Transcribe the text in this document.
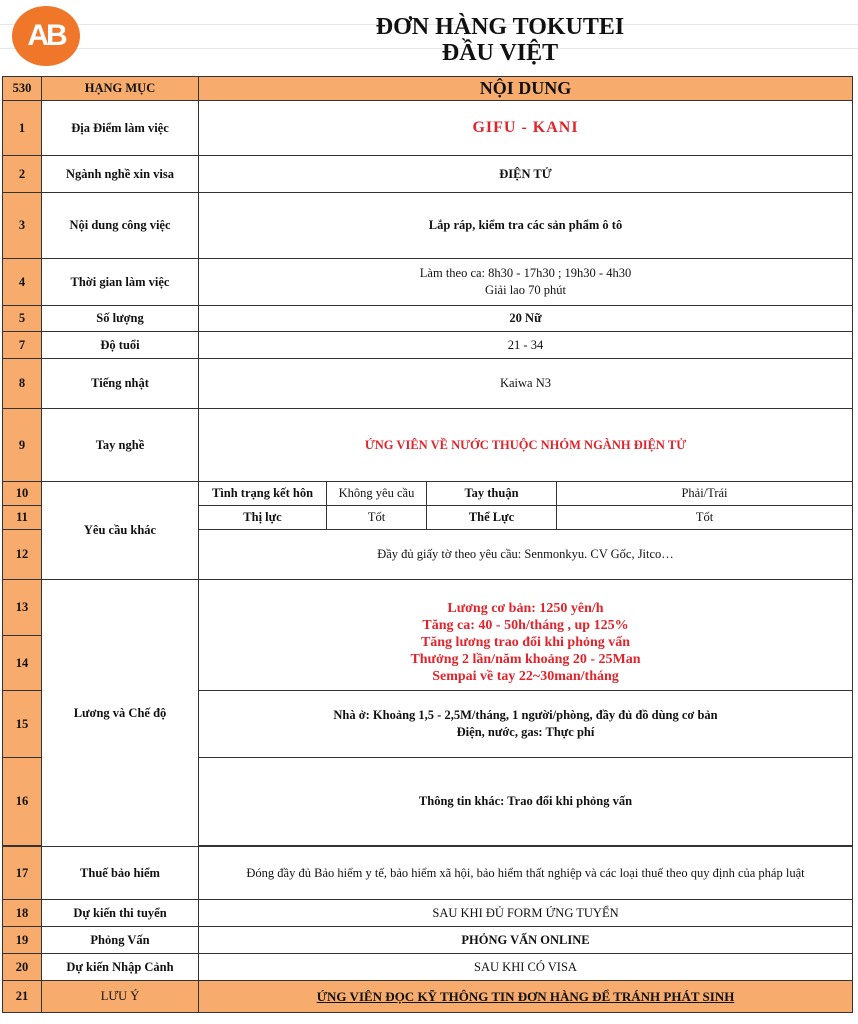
AB	ĐƠN HÀNG TOKUTEI
ĐẦU VIỆT
530	HẠNG MỤC	NỘI DUNG			
1	Địa Điểm làm việc	GIFU - KANI			
2	Ngành nghề xin visa	ĐIỆN TỬ			
3	Nội dung công việc	Lắp ráp, kiểm tra các sản phẩm ô tô			
4	Thời gian làm việc	Làm theo ca: 8h30 - 17h30 ; 19h30 - 4h30
Giải lao 70 phút			

5	Số lượng	20 Nữ			
7	Độ tuổi	21 - 34			
8	Tiếng nhật	Kaiwa N3			
9	Tay nghề	ỨNG VIÊN VỀ NƯỚC THUỘC NHÓM NGÀNH ĐIỆN TỬ			
10	Yêu cầu khác	Tình trạng kết hôn	Không yêu cầu	Tay thuận	Phải/Trái
11		Thị lực	Tốt	Thể Lực	Tốt
12		Đầy đủ giấy tờ theo yêu cầu: Senmonkyu. CV Gốc, Jitco…			
13	Lương và Chế độ	Lương cơ bản: 1250 yên/h
Tăng ca: 40 - 50h/tháng , up 125%
Tăng lương trao đổi khi phỏng vấn
Thưởng 2 lần/năm khoảng 20 - 25Man
Sempai về tay 22~30man/tháng			

14					
15		Nhà ở: Khoảng 1,5 - 2,5M/tháng, 1 người/phòng, đầy đủ đồ dùng cơ bản
Điện, nước, gas: Thực phí			

16		Thông tin khác: Trao đổi khi phỏng vấn			

17	Thuế bảo hiểm	Đóng đầy đủ Bảo hiểm y tế, bảo hiểm xã hội, bảo hiểm thất nghiệp và các loại thuế theo quy định của pháp luật			
18	Dự kiến thi tuyển	SAU KHI ĐỦ FORM ỨNG TUYỂN			
19	Phỏng Vấn	PHỎNG VẤN ONLINE			
20	Dự kiến Nhập Cảnh	SAU KHI CÓ VISA			
21	LƯU Ý	ỨNG VIÊN ĐỌC KỸ THÔNG TIN ĐƠN HÀNG ĐỂ TRÁNH PHÁT SINH			
